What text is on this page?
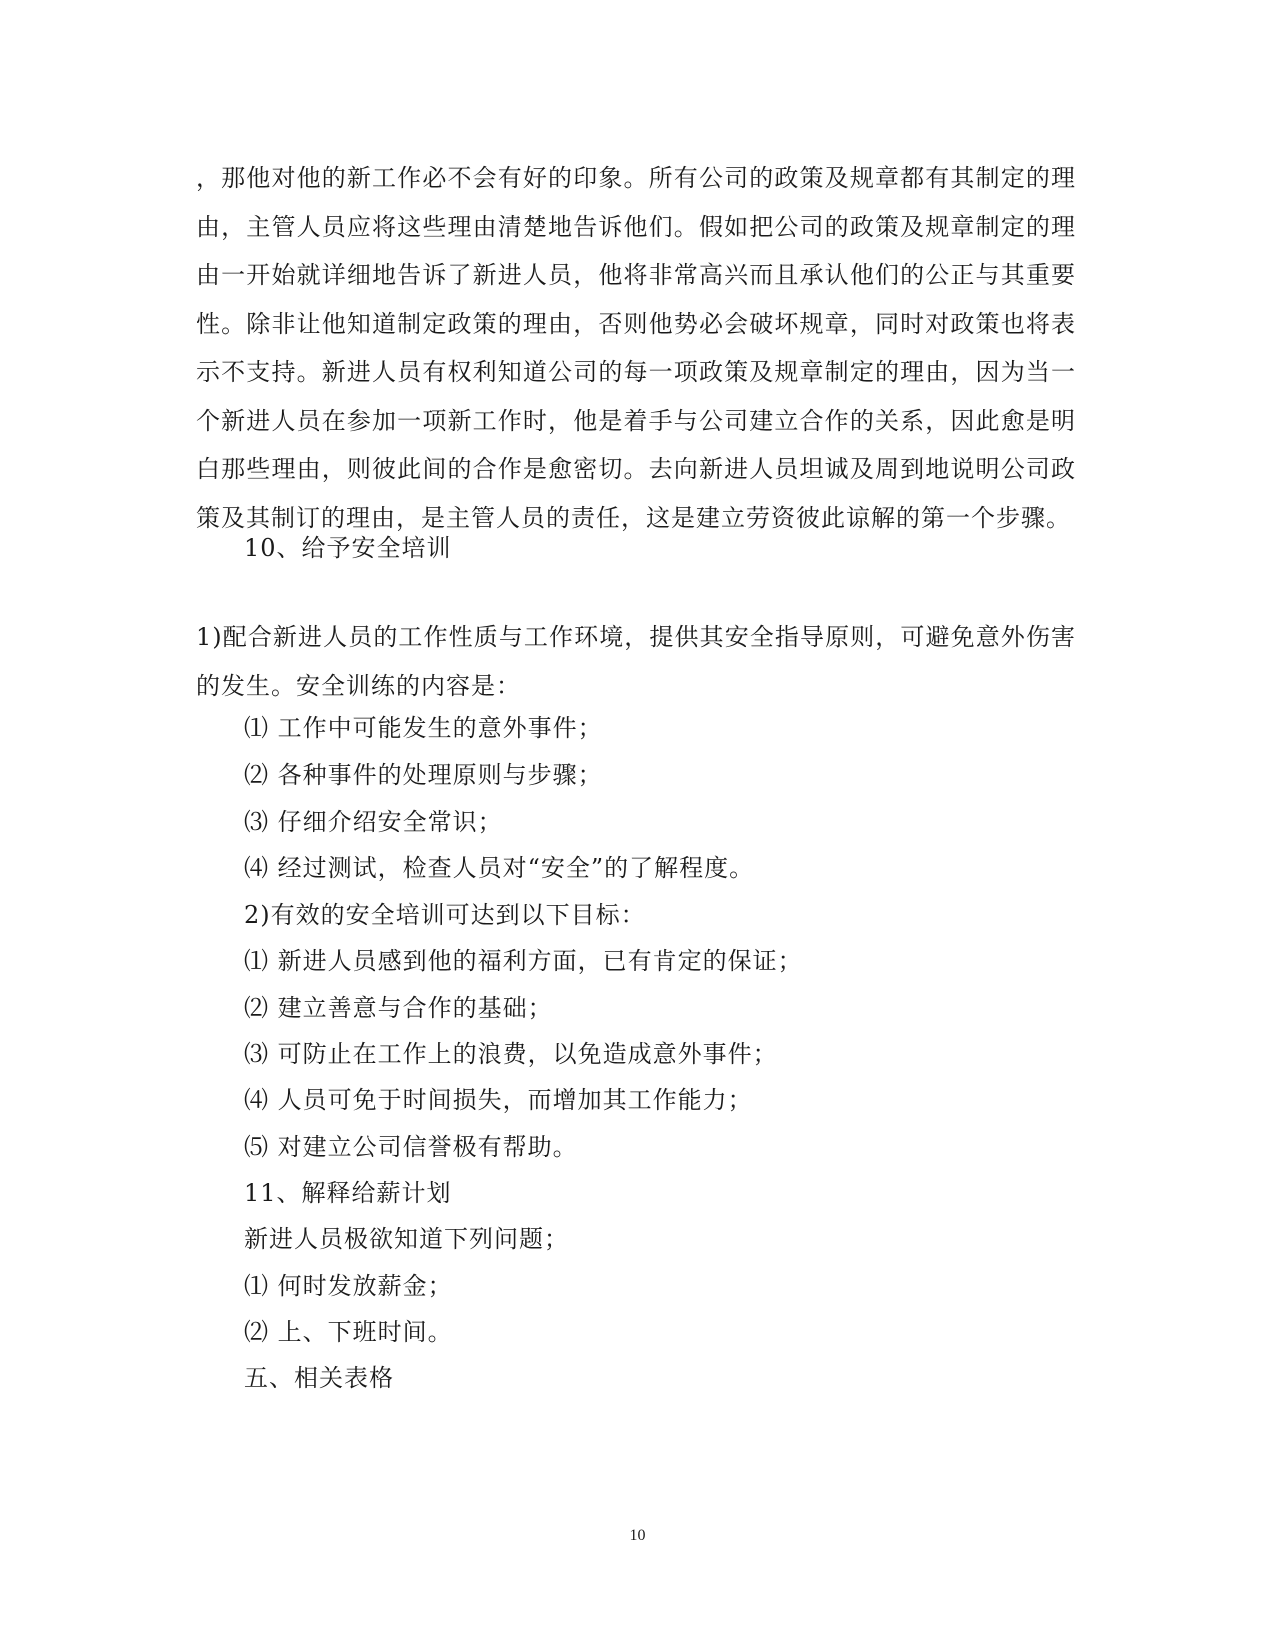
，那他对他的新工作必不会有好的印象。所有公司的政策及规章都有其制定的理由，主管人员应将这些理由清楚地告诉他们。假如把公司的政策及规章制定的理由一开始就详细地告诉了新进人员，他将非常高兴而且承认他们的公正与其重要性。除非让他知道制定政策的理由，否则他势必会破坏规章，同时对政策也将表示不支持。新进人员有权利知道公司的每一项政策及规章制定的理由，因为当一个新进人员在参加一项新工作时，他是着手与公司建立合作的关系，因此愈是明白那些理由，则彼此间的合作是愈密切。去向新进人员坦诚及周到地说明公司政策及其制订的理由，是主管人员的责任，这是建立劳资彼此谅解的第一个步骤。

10、给予安全培训

1)配合新进人员的工作性质与工作环境，提供其安全指导原则，可避免意外伤害的发生。安全训练的内容是：

⑴ 工作中可能发生的意外事件；

⑵ 各种事件的处理原则与步骤；

⑶ 仔细介绍安全常识；

⑷ 经过测试，检查人员对“安全”的了解程度。

2)有效的安全培训可达到以下目标：

⑴ 新进人员感到他的福利方面，已有肯定的保证；

⑵ 建立善意与合作的基础；

⑶ 可防止在工作上的浪费，以免造成意外事件；

⑷ 人员可免于时间损失，而增加其工作能力；

⑸ 对建立公司信誉极有帮助。

11、解释给薪计划

新进人员极欲知道下列问题；

⑴ 何时发放薪金；

⑵ 上、下班时间。

五、相关表格

10
